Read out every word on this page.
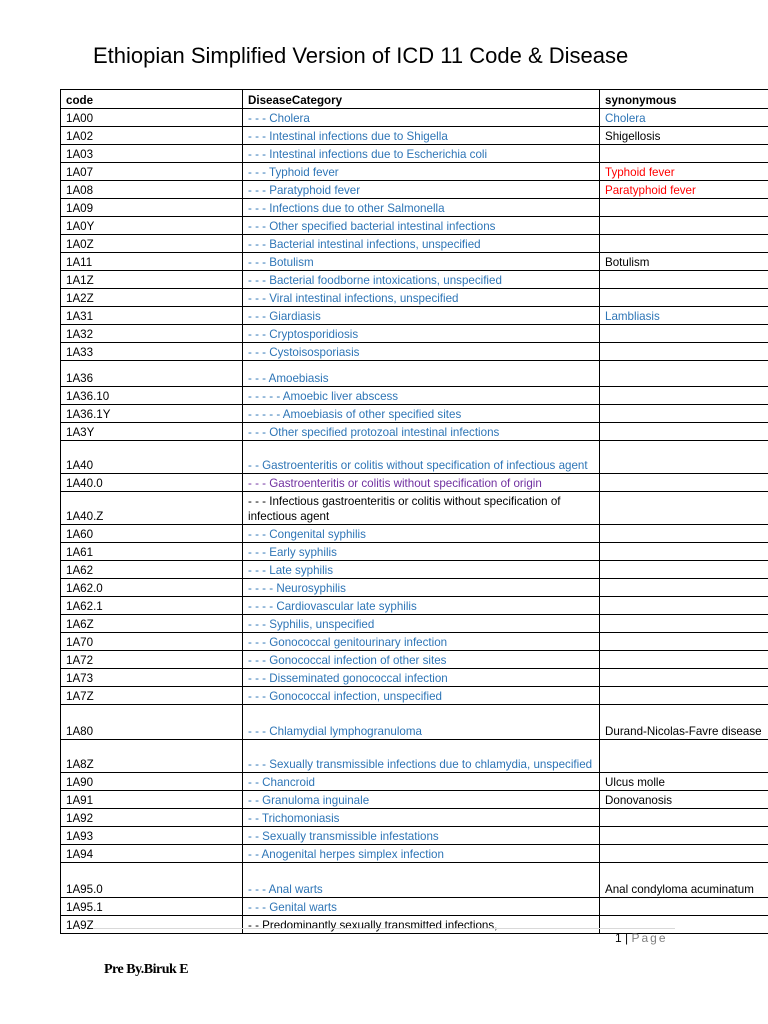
Ethiopian Simplified Version of ICD 11 Code & Disease
code	DiseaseCategory	synonymous
1A00	- - - Cholera	Cholera
1A02	- - - Intestinal infections due to Shigella	Shigellosis
1A03	- - - Intestinal infections due to Escherichia coli	
1A07	- - - Typhoid fever	Typhoid fever
1A08	- - - Paratyphoid fever	Paratyphoid fever
1A09	- - - Infections due to other Salmonella	
1A0Y	- - - Other specified bacterial intestinal infections	
1A0Z	- - - Bacterial intestinal infections, unspecified	
1A11	- - - Botulism	Botulism
1A1Z	- - - Bacterial foodborne intoxications, unspecified	
1A2Z	- - - Viral intestinal infections, unspecified	
1A31	- - - Giardiasis	Lambliasis
1A32	- - - Cryptosporidiosis	
1A33	- - - Cystoisosporiasis	
1A36	- - - Amoebiasis	
1A36.10	- - - - - Amoebic liver abscess	
1A36.1Y	- - - - - Amoebiasis of other specified sites	
1A3Y	- - - Other specified protozoal intestinal infections	
1A40	- - Gastroenteritis or colitis without specification of infectious agent	
1A40.0	- - - Gastroenteritis or colitis without specification of origin	
1A40.Z	- - - Infectious gastroenteritis or colitis without specification of infectious agent	
1A60	- - - Congenital syphilis	
1A61	- - - Early syphilis	
1A62	- - - Late syphilis	
1A62.0	- - - - Neurosyphilis	
1A62.1	- - - - Cardiovascular late syphilis	
1A6Z	- - - Syphilis, unspecified	
1A70	- - - Gonococcal genitourinary infection	
1A72	- - - Gonococcal infection of other sites	
1A73	- - - Disseminated gonococcal infection	
1A7Z	- - - Gonococcal infection, unspecified	
1A80	- - - Chlamydial lymphogranuloma	Durand-Nicolas-Favre disease
1A8Z	- - - Sexually transmissible infections due to chlamydia, unspecified	
1A90	- - Chancroid	Ulcus molle
1A91	- - Granuloma inguinale	Donovanosis
1A92	- - Trichomoniasis	
1A93	- - Sexually transmissible infestations	
1A94	- - Anogenital herpes simplex infection	
1A95.0	- - - Anal warts	Anal condyloma acuminatum
1A95.1	- - - Genital warts	
1A9Z	- - Predominantly sexually transmitted infections,	
1 | Page
Pre By.Biruk E
